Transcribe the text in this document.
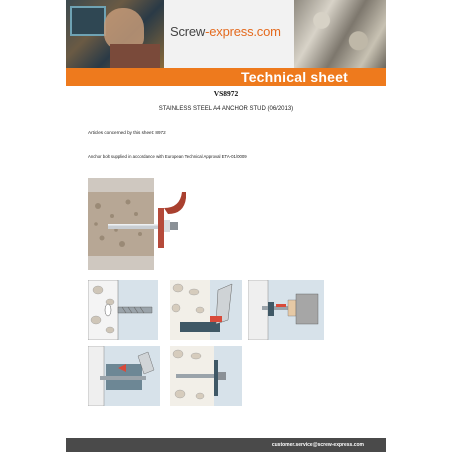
Screw-express.com
Technical sheet
VS8972
STAINLESS STEEL A4 ANCHOR STUD (06/2013)
Articles concerned by this sheet: 8972
Anchor bolt supplied in accordance with European Technical Approval ETA-01/0009
customer.service@screw-express.com
